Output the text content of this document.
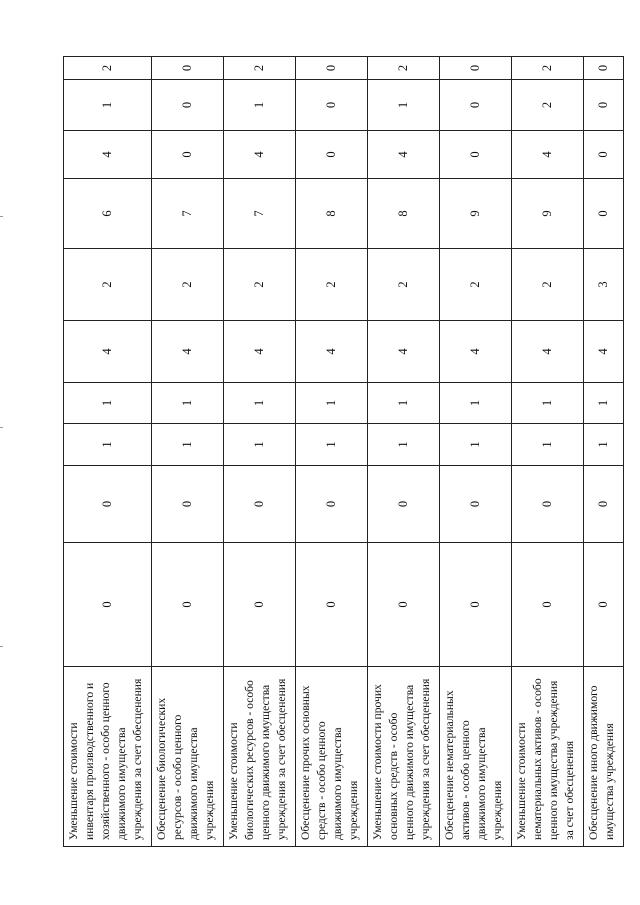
Уменьшение стоимости инвентаря производственного и хозяйственного - особо ценного движимого имущества учреждения за счет обесценения	0	0	1	1	4	2	6	4	1	2
Обесценение биологических ресурсов - особо ценного движимого имущества учреждения	0	0	1	1	4	2	7	0	0	0
Уменьшение стоимости биологических ресурсов - особо ценного движимого имущества учреждения за счет обесценения	0	0	1	1	4	2	7	4	1	2
Обесценение прочих основных средств - особо ценного движимого имущества учреждения	0	0	1	1	4	2	8	0	0	0
Уменьшение стоимости прочих основных средств - особо ценного движимого имущества учреждения за счет обесценения	0	0	1	1	4	2	8	4	1	2
Обесценение нематериальных активов - особо ценного движимого имущества учреждения	0	0	1	1	4	2	9	0	0	0
Уменьшение стоимости нематериальных активов - особо ценного имущества учреждения за счет обесценения	0	0	1	1	4	2	9	4	2	2
Обесценение иного движимого имущества учреждения	0	0	1	1	4	3	0	0	0	0
